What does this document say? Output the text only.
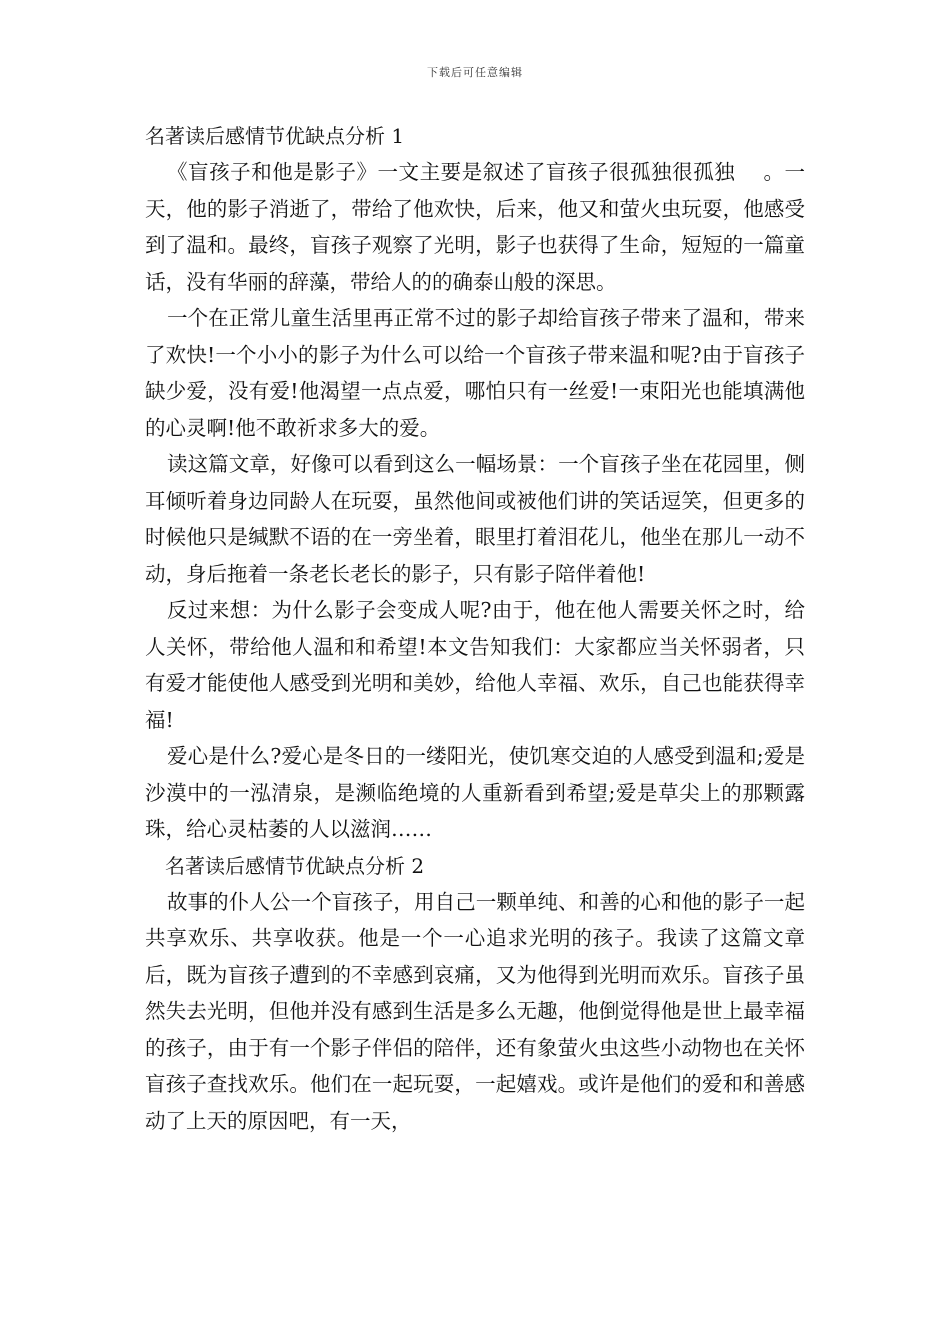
下载后可任意编辑
名著读后感情节优缺点分析 1

《盲孩子和他是影子》一文主要是叙述了盲孩子很孤独很孤独　 。一天，他的影子消逝了，带给了他欢快，后来，他又和萤火虫玩耍，他感受到了温和。最终，盲孩子观察了光明，影子也获得了生命，短短的一篇童话，没有华丽的辞藻，带给人的的确泰山般的深思。

一个在正常儿童生活里再正常不过的影子却给盲孩子带来了温和，带来了欢快!一个小小的影子为什么可以给一个盲孩子带来温和呢?由于盲孩子缺少爱，没有爱!他渴望一点点爱，哪怕只有一丝爱!一束阳光也能填满他的心灵啊!他不敢祈求多大的爱。

读这篇文章，好像可以看到这么一幅场景：一个盲孩子坐在花园里，侧耳倾听着身边同龄人在玩耍，虽然他间或被他们讲的笑话逗笑，但更多的时候他只是缄默不语的在一旁坐着，眼里打着泪花儿，他坐在那儿一动不动，身后拖着一条老长老长的影子，只有影子陪伴着他!

反过来想：为什么影子会变成人呢?由于，他在他人需要关怀之时，给人关怀，带给他人温和和希望!本文告知我们：大家都应当关怀弱者，只有爱才能使他人感受到光明和美妙，给他人幸福、欢乐，自己也能获得幸福!

爱心是什么?爱心是冬日的一缕阳光，使饥寒交迫的人感受到温和;爱是沙漠中的一泓清泉，是濒临绝境的人重新看到希望;爱是草尖上的那颗露珠，给心灵枯萎的人以滋润……

名著读后感情节优缺点分析 2

故事的仆人公一个盲孩子，用自己一颗单纯、和善的心和他的影子一起共享欢乐、共享收获。他是一个一心追求光明的孩子。我读了这篇文章后，既为盲孩子遭到的不幸感到哀痛，又为他得到光明而欢乐。盲孩子虽然失去光明，但他并没有感到生活是多么无趣，他倒觉得他是世上最幸福的孩子，由于有一个影子伴侣的陪伴，还有象萤火虫这些小动物也在关怀盲孩子查找欢乐。他们在一起玩耍，一起嬉戏。或许是他们的爱和和善感动了上天的原因吧，有一天，
